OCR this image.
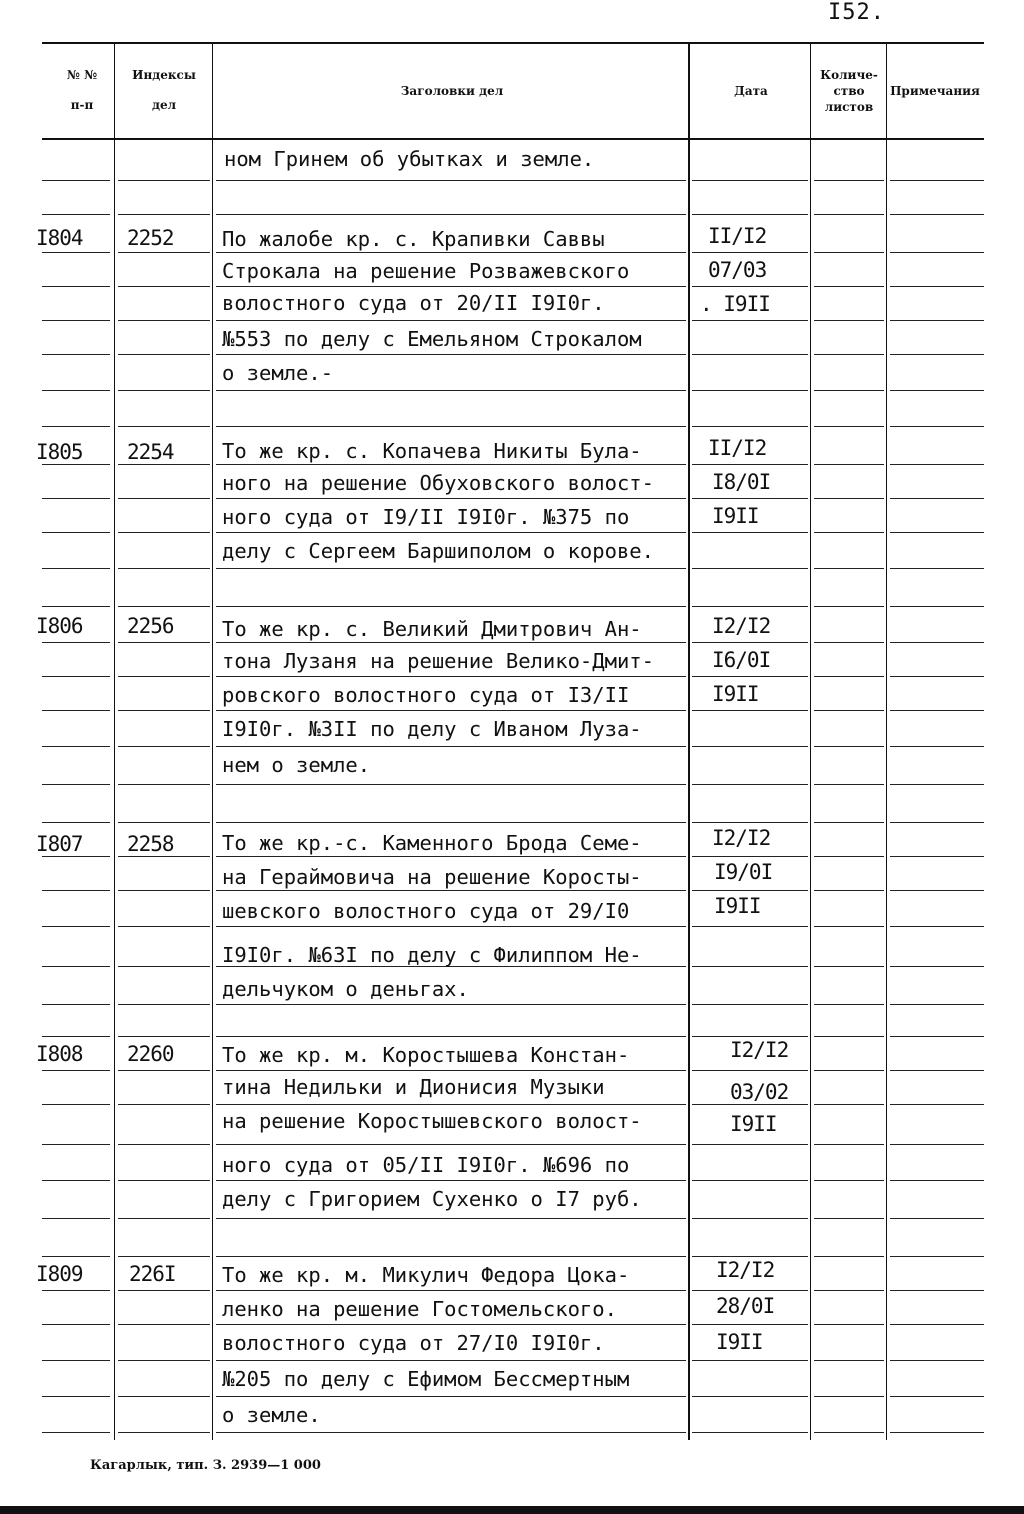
I52.
№ №
п-п
Индексы
дел
Заголовки дел	Дата
Количе-
ство
листов
Примечания
ном Гринем об убытках и земле.
I804 2252 По жалобе кр. с. Крапивки Саввы
Строкала на решение Розважевского
волостного суда от 20/II I9I0г.
№553 по делу с Емельяном Строкалом
о земле.-
II/I2
07/03
. I9II
I805 2254 То же кр. с. Копачева Никиты Була-
ного на решение Обуховского волост-
ного суда от I9/II I9I0г. №375 по
делу с Сергеем Баршиполом о корове.
II/I2
I8/0I
I9II
I806 2256 То же кр. с. Великий Дмитрович Ан-
тона Лузаня на решение Велико-Дмит-
ровского волостного суда от I3/II
I9I0г. №3II по делу с Иваном Луза-
нем о земле.
I2/I2
I6/0I
I9II
I807 2258 То же кр.-с. Каменного Брода Семе-
на Гераймовича на решение Коросты-
шевского волостного суда от 29/I0
I9I0г. №63I по делу с Филиппом Не-
дельчуком о деньгах.
I2/I2
I9/0I
I9II
I808 2260 То же кр. м. Коростышева Констан-
тина Недильки и Дионисия Музыки
на решение Коростышевского волост-
ного суда от 05/II I9I0г. №696 по
делу с Григорием Сухенко о I7 руб.
I2/I2
03/02
I9II
I809 226I То же кр. м. Микулич Федора Цока-
ленко на решение Гостомельского.
волостного суда от 27/I0 I9I0г.
№205 по делу с Ефимом Бессмертным
о земле.
I2/I2
28/0I
I9II
Кагарлык, тип. З. 2939—1 000
